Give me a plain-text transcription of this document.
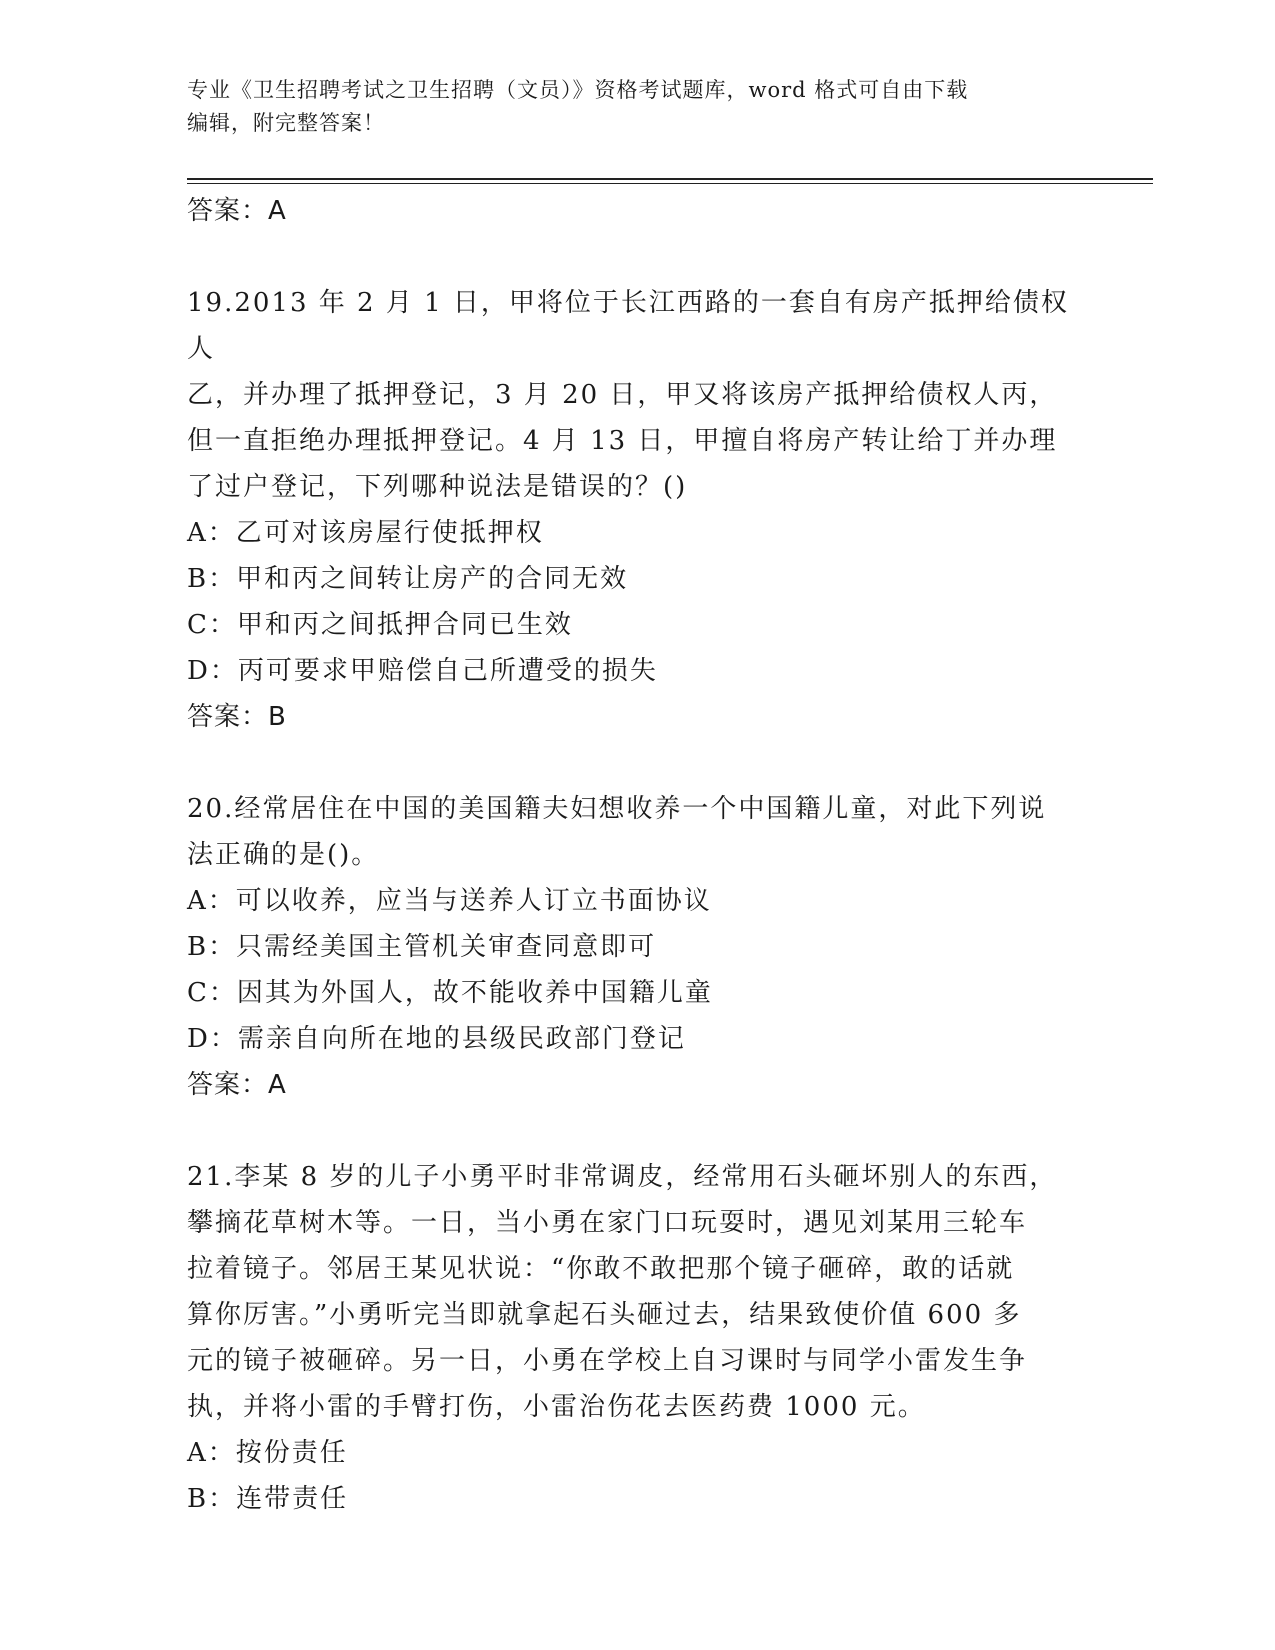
专业《卫生招聘考试之卫生招聘（文员）》资格考试题库，word 格式可自由下载

编辑，附完整答案！

答案：A

19.2013 年 2 月 1 日，甲将位于长江西路的一套自有房产抵押给债权人

乙，并办理了抵押登记，3 月 20 日，甲又将该房产抵押给债权人丙，

但一直拒绝办理抵押登记。4 月 13 日，甲擅自将房产转让给丁并办理

了过户登记，下列哪种说法是错误的？()

A：乙可对该房屋行使抵押权

B：甲和丙之间转让房产的合同无效

C：甲和丙之间抵押合同已生效

D：丙可要求甲赔偿自己所遭受的损失

答案：B

20.经常居住在中国的美国籍夫妇想收养一个中国籍儿童，对此下列说

法正确的是()。

A：可以收养，应当与送养人订立书面协议

B：只需经美国主管机关审查同意即可

C：因其为外国人，故不能收养中国籍儿童

D：需亲自向所在地的县级民政部门登记

答案：A

21.李某 8 岁的儿子小勇平时非常调皮，经常用石头砸坏别人的东西，

攀摘花草树木等。一日，当小勇在家门口玩耍时，遇见刘某用三轮车

拉着镜子。邻居王某见状说：“你敢不敢把那个镜子砸碎，敢的话就

算你厉害。”小勇听完当即就拿起石头砸过去，结果致使价值 600 多

元的镜子被砸碎。另一日，小勇在学校上自习课时与同学小雷发生争

执，并将小雷的手臂打伤，小雷治伤花去医药费 1000 元。

A：按份责任

B：连带责任
